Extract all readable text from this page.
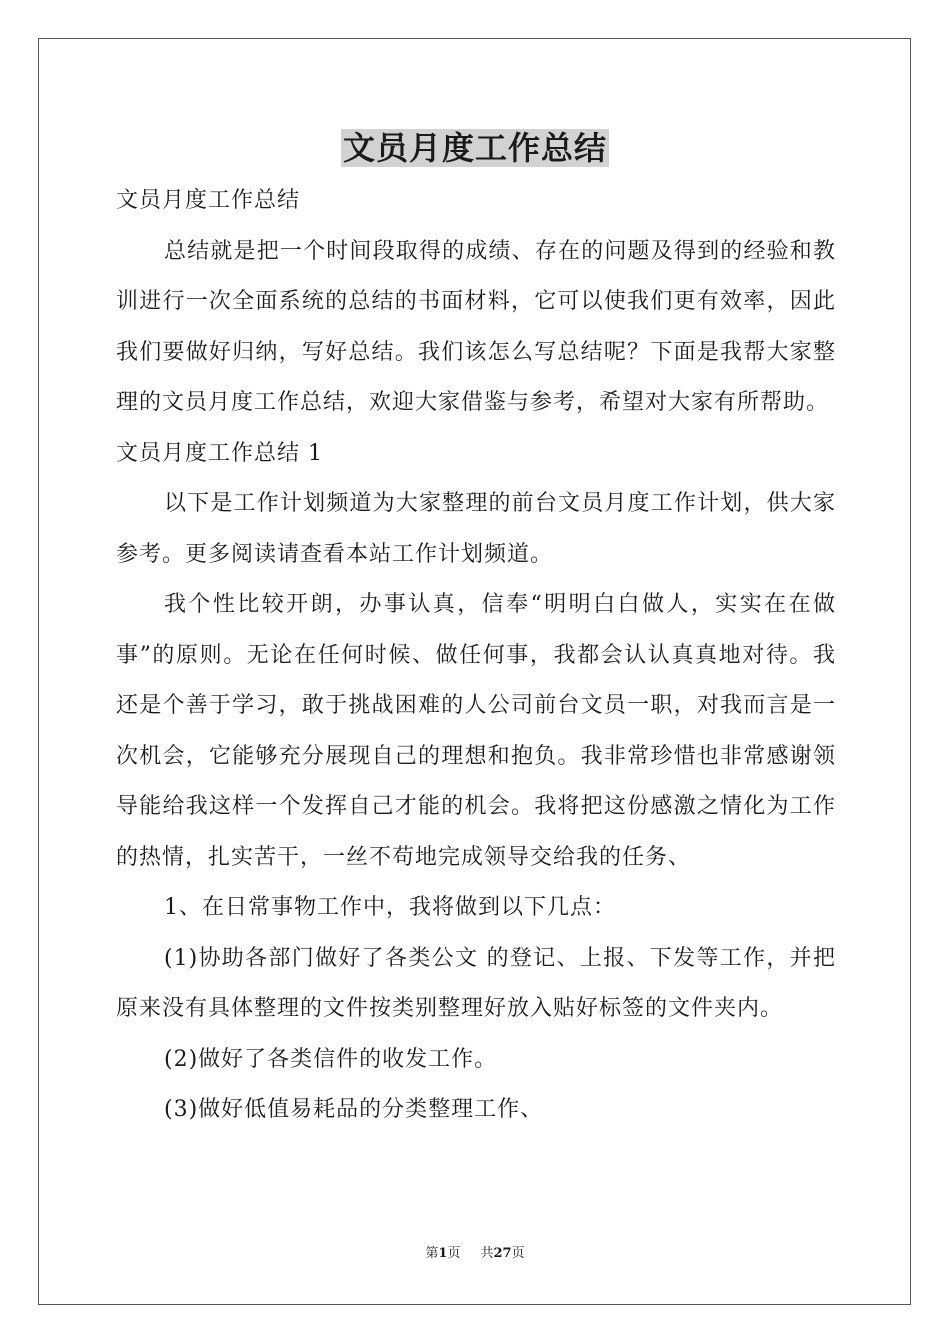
文员月度工作总结

文员月度工作总结

总结就是把一个时间段取得的成绩、存在的问题及得到的经验和教训进行一次全面系统的总结的书面材料，它可以使我们更有效率，因此我们要做好归纳，写好总结。我们该怎么写总结呢？下面是我帮大家整理的文员月度工作总结，欢迎大家借鉴与参考，希望对大家有所帮助。

文员月度工作总结 1

以下是工作计划频道为大家整理的前台文员月度工作计划，供大家参考。更多阅读请查看本站工作计划频道。

我个性比较开朗，办事认真，信奉“明明白白做人，实实在在做事”的原则。无论在任何时候、做任何事，我都会认认真真地对待。我还是个善于学习，敢于挑战困难的人公司前台文员一职，对我而言是一次机会，它能够充分展现自己的理想和抱负。我非常珍惜也非常感谢领导能给我这样一个发挥自己才能的机会。我将把这份感激之情化为工作的热情，扎实苦干，一丝不苟地完成领导交给我的任务、

1、在日常事物工作中，我将做到以下几点：

(1)协助各部门做好了各类公文 的登记、上报、下发等工作，并把原来没有具体整理的文件按类别整理好放入贴好标签的文件夹内。

(2)做好了各类信件的收发工作。

(3)做好低值易耗品的分类整理工作、

第1页 共27页
